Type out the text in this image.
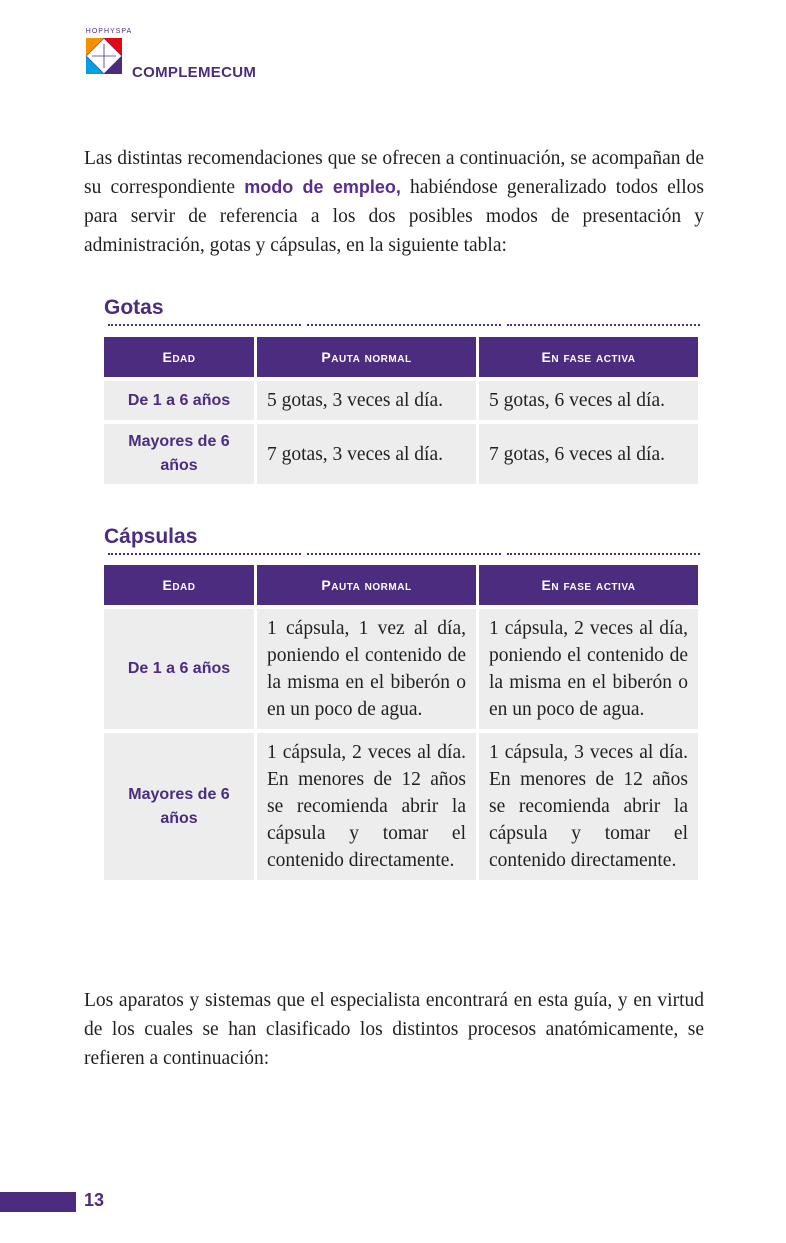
HOPHYSPA
COMPLEMECUM

Las distintas recomendaciones que se ofrecen a continuación, se acompañan de su correspondiente modo de empleo, habiéndose generalizado todos ellos para servir de referencia a los dos posibles modos de presentación y administración, gotas y cápsulas, en la siguiente tabla:

Gotas
Edad	Pauta normal	En fase activa
De 1 a 6 años	5 gotas, 3 veces al día.	5 gotas, 6 veces al día.
Mayores de 6 años	7 gotas, 3 veces al día.	7 gotas, 6 veces al día.
Cápsulas
Edad	Pauta normal	En fase activa
De 1 a 6 años	1 cápsula, 1 vez al día, poniendo el contenido de la misma en el biberón o en un poco de agua.	1 cápsula, 2 veces al día, poniendo el contenido de la misma en el biberón o en un poco de agua.
Mayores de 6 años	1 cápsula, 2 veces al día. En menores de 12 años se recomienda abrir la cápsula y tomar el contenido directamente.	1 cápsula, 3 veces al día. En menores de 12 años se recomienda abrir la cápsula y tomar el contenido directamente.

Los aparatos y sistemas que el especialista encontrará en esta guía, y en virtud de los cuales se han clasificado los distintos procesos anatómicamente, se refieren a continuación:

13
